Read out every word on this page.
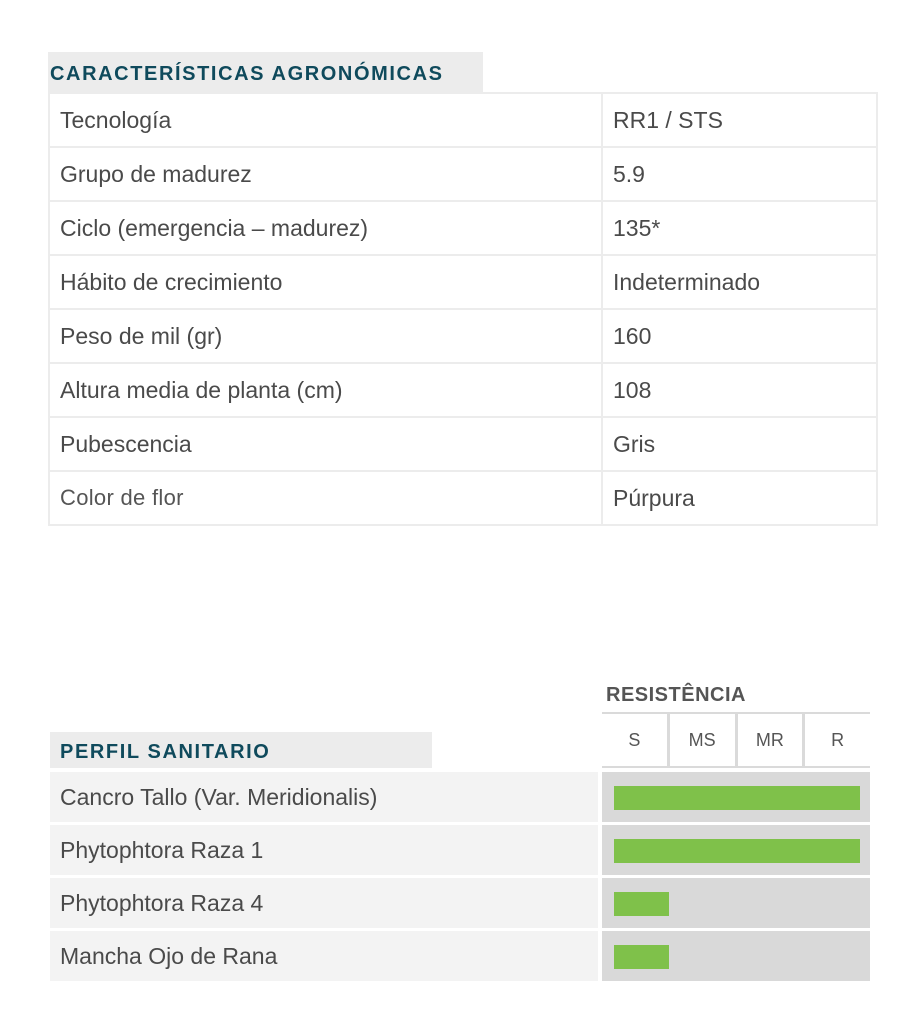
CARACTERÍSTICAS AGRONÓMICAS
Tecnología	RR1 / STS
Grupo de madurez	5.9
Ciclo (emergencia – madurez)	135*
Hábito de crecimiento	Indeterminado
Peso de mil (gr)	160
Altura media de planta (cm)	108
Pubescencia	Gris
Color de flor	Púrpura
RESISTÊNCIA
S	MS	MR	R
PERFIL SANITARIO
Cancro Tallo (Var. Meridionalis)
Phytophtora Raza 1
Phytophtora Raza 4
Mancha Ojo de Rana
